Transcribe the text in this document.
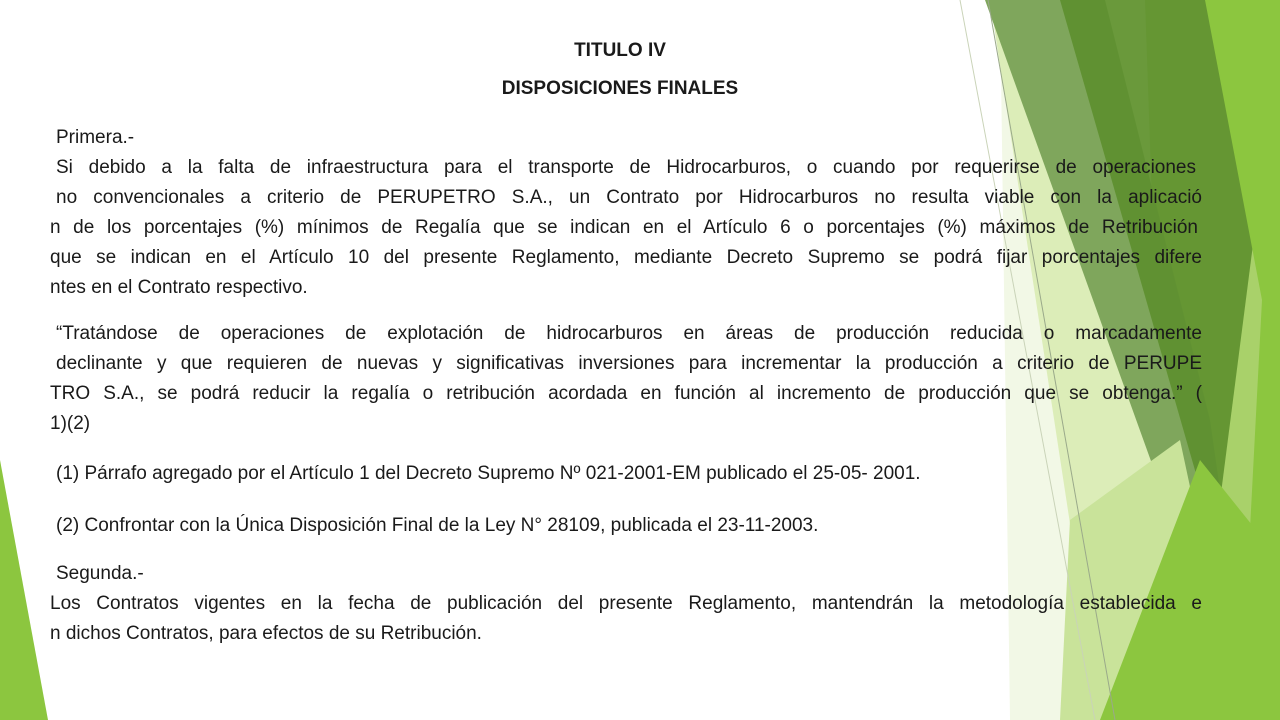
TITULO IV
DISPOSICIONES FINALES
Primera.-
Si debido a la falta de infraestructura para el transporte de Hidrocarburos, o cuando por requerirse de operaciones
no convencionales a criterio de PERUPETRO S.A., un Contrato por Hidrocarburos no resulta viable con la aplicació
n de los porcentajes (%) mínimos de Regalía que se indican en el Artículo 6 o porcentajes (%) máximos de Retribución
que se indican en el Artículo 10 del presente Reglamento, mediante Decreto Supremo se podrá fijar porcentajes difere
ntes en el Contrato respectivo.
“Tratándose de operaciones de explotación de hidrocarburos en áreas de producción reducida o marcadamente
declinante y que requieren de nuevas y significativas inversiones para incrementar la producción a criterio de PERUPE
TRO S.A., se podrá reducir la regalía o retribución acordada en función al incremento de producción que se obtenga.” (
1)(2)
(1) Párrafo agregado por el Artículo 1 del Decreto Supremo Nº 021-2001-EM publicado el 25-05- 2001.
(2) Confrontar con la Única Disposición Final de la Ley N° 28109, publicada el 23-11-2003.
Segunda.-
Los Contratos vigentes en la fecha de publicación del presente Reglamento, mantendrán la metodología establecida e
n dichos Contratos, para efectos de su Retribución.
